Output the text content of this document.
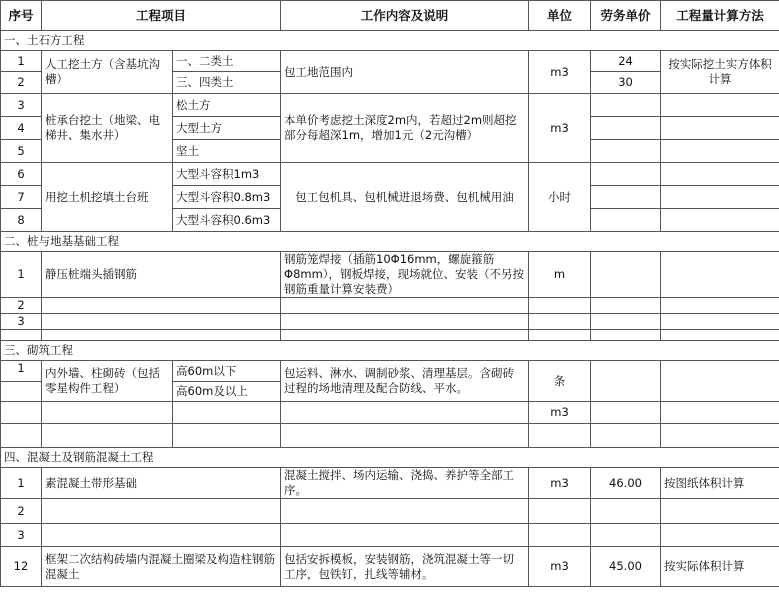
序号	工程项目		工作内容及说明	单位	劳务单价	工程量计算方法
一、土石方工程						
1	人工挖土方（含基坑沟槽）	一、二类土	包工地范围内	m3	24	按实际挖土实方体积计算
2		三、四类土			30	
3	桩承台挖土（地梁、电梯井、集水井）	松土方	本单价考虑挖土深度2m内，若超过2m则超挖部分每超深1m，增加1元（2元沟槽）	m3		
4		大型土方				
5		坚土				
6	用挖土机挖填土台班	大型斗容积1m3	包工包机具、包机械进退场费、包机械用油	小时		
7		大型斗容积0.8m3				
8		大型斗容积0.6m3				
二、桩与地基基础工程						
1	静压桩端头插钢筋		钢筋笼焊接（插筋10Φ16mm，螺旋箍筋Φ8mm），钢板焊接，现场就位、安装（不另按钢筋重量计算安装费）	m		
2						
3						

三、砌筑工程						
1	内外墙、柱砌砖（包括零星构件工程）	高60m以下	包运料、淋水、调制砂浆、清理基层。含砌砖过程的场地清理及配合防线、平水。	条		
		高60m及以上				
				m3		

四、混凝土及钢筋混凝土工程						
1	素混凝土带形基础		混凝土搅拌、场内运输、浇捣、养护等全部工序。	m3	46.00	按图纸体积计算
2						
3						
12	框架二次结构砖墙内混凝土圈梁及构造柱钢筋混凝土		包括安拆模板，安装钢筋，浇筑混凝土等一切工序，包铁钉，扎线等辅材。	m3	45.00	按实际体积计算
